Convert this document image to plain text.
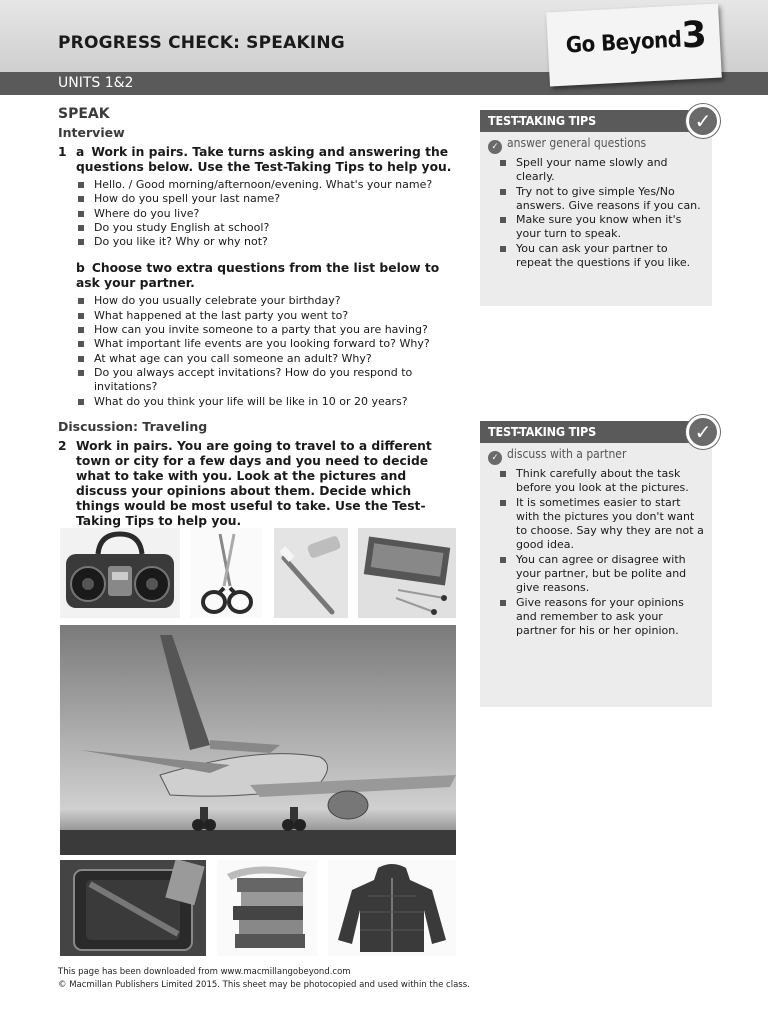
PROGRESS CHECK: SPEAKING
UNITS 1&2
Go Beyond
3
SPEAK
Interview
1 a Work in pairs. Take turns asking and answering the questions below. Use the Test-Taking Tips to help you.
Hello. / Good morning/afternoon/evening. What's your name?
How do you spell your last name?
Where do you live?
Do you study English at school?
Do you like it? Why or why not?
b Choose two extra questions from the list below to ask your partner.
How do you usually celebrate your birthday?
What happened at the last party you went to?
How can you invite someone to a party that you are having?
What important life events are you looking forward to? Why?
At what age can you call someone an adult? Why?
Do you always accept invitations? How do you respond to invitations?
What do you think your life will be like in 10 or 20 years?
Discussion: Traveling
2 Work in pairs. You are going to travel to a different town or city for a few days and you need to decide what to take with you. Look at the pictures and discuss your opinions about them. Decide which things would be most useful to take. Use the Test-Taking Tips to help you.
TEST-TAKING TIPS	✓
✓ answer general questions
Spell your name slowly and clearly.
Try not to give simple Yes/No answers. Give reasons if you can.
Make sure you know when it's your turn to speak.
You can ask your partner to repeat the questions if you like.
TEST-TAKING TIPS	✓
✓ discuss with a partner
Think carefully about the task before you look at the pictures.
It is sometimes easier to start with the pictures you don't want to choose. Say why they are not a good idea.
You can agree or disagree with your partner, but be polite and give reasons.
Give reasons for your opinions and remember to ask your partner for his or her opinion.
This page has been downloaded from www.macmillangobeyond.com
© Macmillan Publishers Limited 2015. This sheet may be photocopied and used within the class.
